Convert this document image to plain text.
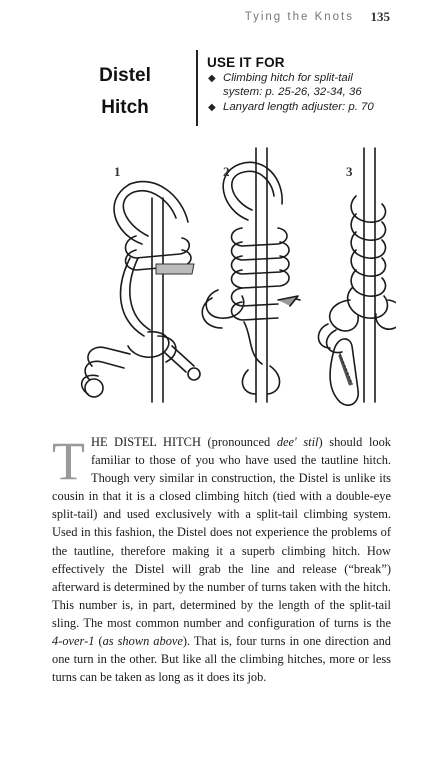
Tying the Knots	135
Distel
Hitch
USE IT FOR
◆ Climbing hitch for split-tail
system: p. 25-26, 32-34, 36
◆ Lanyard length adjuster: p. 70
1	2	3
THE DISTEL HITCH (pronounced dee' stil) should look familiar to those of you who have used the tautline hitch. Though very similar in construction, the Distel is unlike its cousin in that it is a closed climbing hitch (tied with a double-eye split-tail) and used exclusively with a split-tail climbing system. Used in this fashion, the Distel does not experience the problems of the tautline, therefore making it a superb climbing hitch. How effectively the Distel will grab the line and release (“break”) afterward is determined by the number of turns taken with the hitch. This number is, in part, determined by the length of the split-tail sling. The most common number and configuration of turns is the 4-over-1 (as shown above). That is, four turns in one direction and one turn in the other. But like all the climbing hitches, more or less turns can be taken as long as it does its job.
